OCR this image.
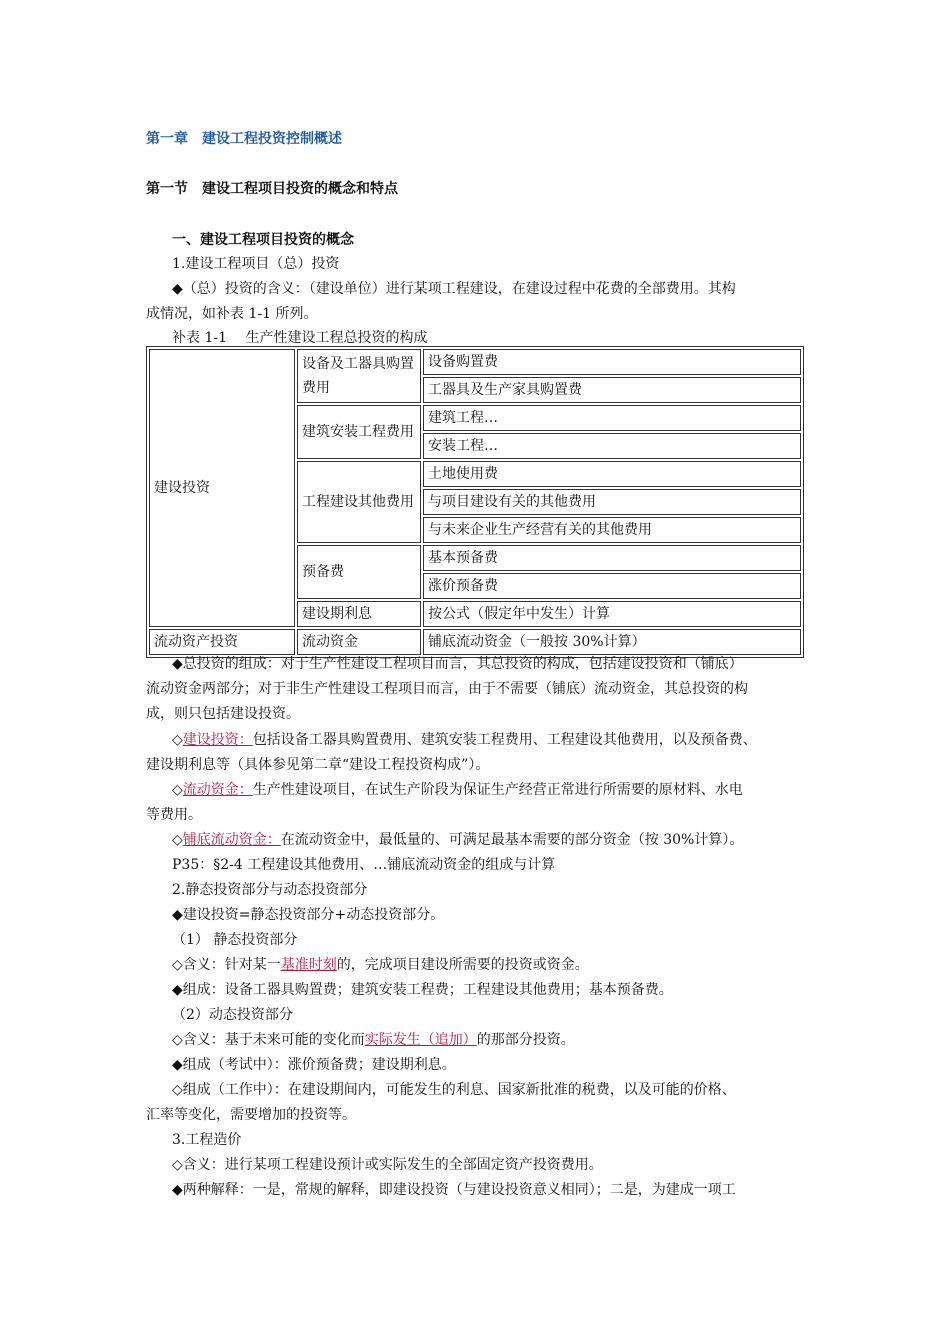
第一章　建设工程投资控制概述
第一节　建设工程项目投资的概念和特点
一、建设工程项目投资的概念
1.建设工程项目（总）投资
◆（总）投资的含义：（建设单位）进行某项工程建设，在建设过程中花费的全部费用。其构
成情况，如补表 1-1 所列。
补表 1-1　 生产性建设工程总投资的构成
建设投资	设备及工器具购置费用	设备购置费
		工器具及生产家具购置费
	建筑安装工程费用	建筑工程…
		安装工程…
	工程建设其他费用	土地使用费
		与项目建设有关的其他费用
		与未来企业生产经营有关的其他费用
	预备费	基本预备费
		涨价预备费
	建设期利息	按公式（假定年中发生）计算
流动资产投资	流动资金	铺底流动资金（一般按 30%计算）
◆总投资的组成：对于生产性建设工程项目而言，其总投资的构成，包括建设投资和（铺底）
流动资金两部分；对于非生产性建设工程项目而言，由于不需要（铺底）流动资金，其总投资的构
成，则只包括建设投资。
◇建设投资：包括设备工器具购置费用、建筑安装工程费用、工程建设其他费用，以及预备费、
建设期利息等（具体参见第二章“建设工程投资构成”）。
◇流动资金：生产性建设项目，在试生产阶段为保证生产经营正常进行所需要的原材料、水电
等费用。
◇铺底流动资金：在流动资金中，最低量的、可满足最基本需要的部分资金（按 30%计算）。
P35：§2-4 工程建设其他费用、…铺底流动资金的组成与计算
2.静态投资部分与动态投资部分
◆建设投资=静态投资部分+动态投资部分。
（1） 静态投资部分
◇含义：针对某一基准时刻的，完成项目建设所需要的投资或资金。
◆组成：设备工器具购置费；建筑安装工程费；工程建设其他费用；基本预备费。
（2）动态投资部分
◇含义：基于未来可能的变化而实际发生（追加）的那部分投资。
◆组成（考试中）：涨价预备费；建设期利息。
◇组成（工作中）：在建设期间内，可能发生的利息、国家新批准的税费，以及可能的价格、
汇率等变化，需要增加的投资等。
3.工程造价
◇含义：进行某项工程建设预计或实际发生的全部固定资产投资费用。
◆两种解释：一是，常规的解释，即建设投资（与建设投资意义相同）；二是，为建成一项工
